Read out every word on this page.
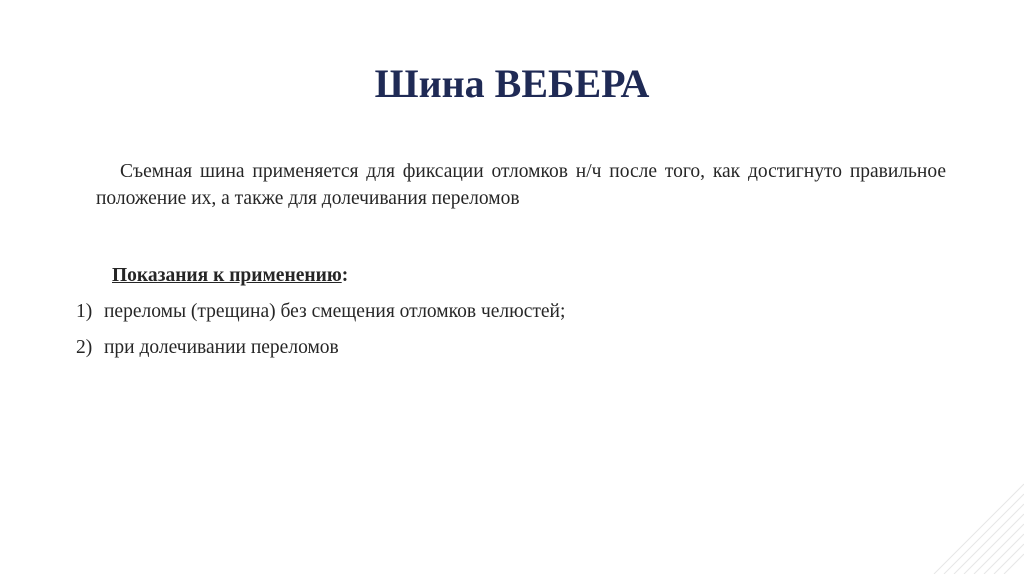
Шина ВЕБЕРА

Съемная шина применяется для фиксации отломков н/ч после того, как достигнуто правильное положение их, а также для долечивания переломов

Показания к применению:

1) переломы (трещина) без смещения отломков челюстей;
2) при долечивании переломов
